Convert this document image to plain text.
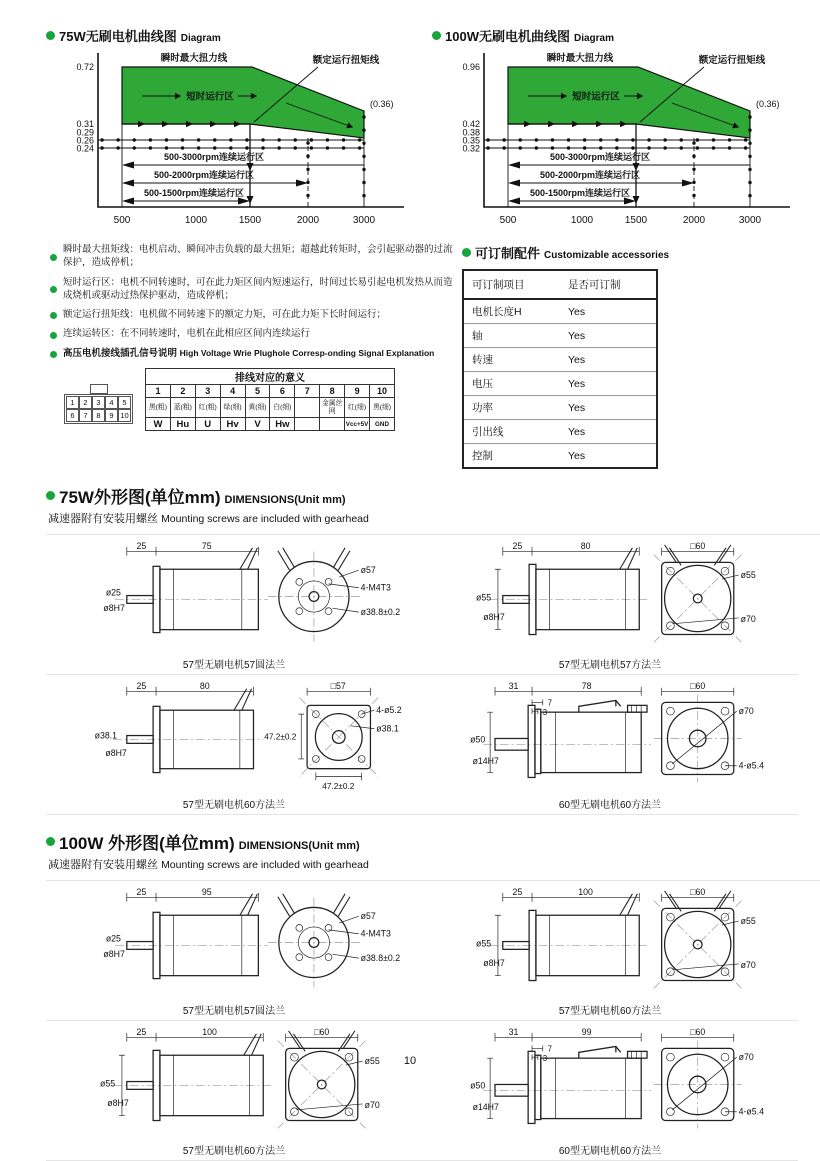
75W无刷电机曲线图 Diagram
0.72
0.31
0.29
0.26
0.24
瞬时最大扭力线	额定运行扭矩线
短时运行区
(0.36)
500-3000rpm连续运行区
500-2000rpm连续运行区
500-1500rpm连续运行区
500	1000	1500	2000	3000
100W无刷电机曲线图 Diagram
0.96
0.42
0.38
0.35
0.32
瞬时最大扭力线	额定运行扭矩线
短时运行区
(0.36)
500-3000rpm连续运行区
500-2000rpm连续运行区
500-1500rpm连续运行区
500	1000	1500	2000	3000
瞬时最大扭矩线：电机启动、瞬间冲击负载的最大扭矩；超越此转矩时，会引起驱动器的过流保护，造成停机；
短时运行区：电机不同转速时，可在此力矩区间内短速运行，时间过长易引起电机发热从而造成烧机或驱动过热保护驱动，造成停机；
额定运行扭矩线：电机做不同转速下的额定力矩，可在此力矩下长时间运行；
连续运转区：在不同转速时，电机在此相应区间内连续运行
高压电机接线插孔信号说明 High Voltage Wrie Plughole Corresp-onding Signal Explanation
1	2	3	4	5
6	7	8	9 10
排线对应的意义									
1	2	3	4	5	6	7	8	9	10
黑(粗)	蓝(粗)	红(粗)	绿(细)	黄(细)	白(细)		金属丝网	红(细)	黑(细)
W	Hu	U	Hv	V	Hw			Vcc+5V	GND
可订制配件 Customizable accessories
可订制项目	是否可订制
电机长度H	Yes
轴	Yes
转速	Yes
电压	Yes
功率	Yes
引出线	Yes
控制	Yes
75W外形图(单位mm) DIMENSIONS(Unit mm)
减速器附有安装用螺丝 Mounting screws are included with gearhead
25	75
ø25
ø8H7
ø57
4-M4T3
ø38.8±0.2
57型无刷电机57圆法兰
25	80
ø55
ø8H7
□60
ø55
ø70
57型无刷电机57方法兰
25	80
ø38.1
ø8H7
□57
47.2±0.2
47.2±0.2
4-ø5.2
ø38.1
57型无刷电机60方法兰
31	78
7
3
ø50
ø14H7
□60
ø70
4-ø5.4
60型无刷电机60方法兰
100W 外形图(单位mm) DIMENSIONS(Unit mm)
减速器附有安装用螺丝 Mounting screws are included with gearhead
25	95
ø25
ø8H7
ø57
4-M4T3
ø38.8±0.2
57型无刷电机57圆法兰
25	100
ø55
ø8H7
□60
ø55
ø70
57型无刷电机60方法兰
25	100
ø55
ø8H7
□60
ø55
ø70
57型无刷电机60方法兰
31	99
7
3
ø50
ø14H7
□60
ø70
4-ø5.4
60型无刷电机60方法兰
10
